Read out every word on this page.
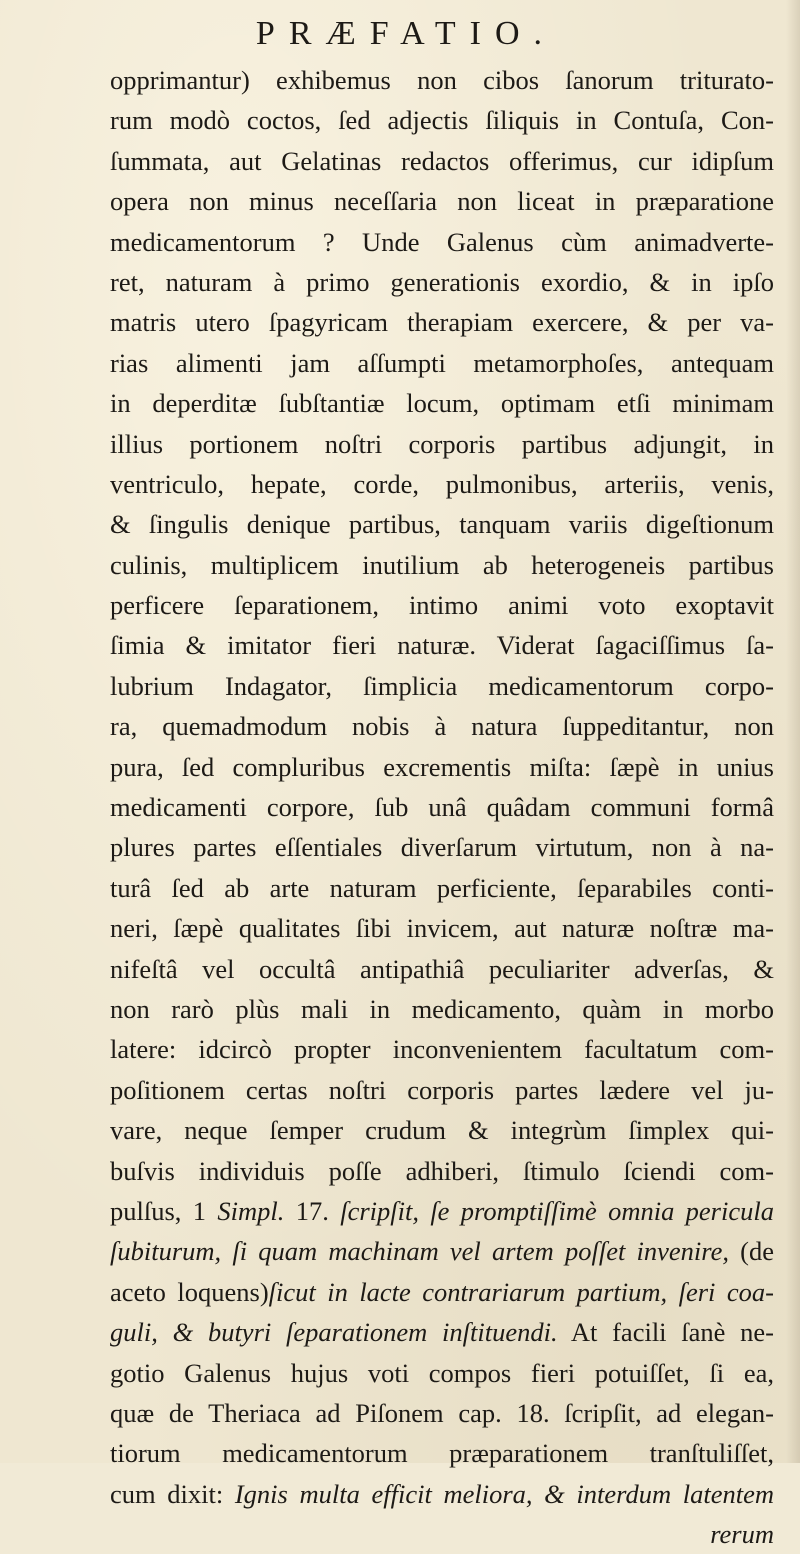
PRÆFATIO.
opprimantur) exhibemus non cibos ſanorum triturato-
rum modò coctos, ſed adjectis ſiliquis in Contuſa, Con-
ſummata, aut Gelatinas redactos offerimus, cur idipſum
opera non minus neceſſaria non liceat in præparatione
medicamentorum ? Unde Galenus cùm animadverte-
ret, naturam à primo generationis exordio, & in ipſo
matris utero ſpagyricam therapiam exercere, & per va-
rias alimenti jam aſſumpti metamorphoſes, antequam
in deperditæ ſubſtantiæ locum, optimam etſi minimam
illius portionem noſtri corporis partibus adjungit, in
ventriculo, hepate, corde, pulmonibus, arteriis, venis,
& ſingulis denique partibus, tanquam variis digeſtionum
culinis, multiplicem inutilium ab heterogeneis partibus
perficere ſeparationem, intimo animi voto exoptavit
ſimia & imitator fieri naturæ. Viderat ſagaciſſimus ſa-
lubrium Indagator, ſimplicia medicamentorum corpo-
ra, quemadmodum nobis à natura ſuppeditantur, non
pura, ſed compluribus excrementis miſta: ſæpè in unius
medicamenti corpore, ſub unâ quâdam communi formâ
plures partes eſſentiales diverſarum virtutum, non à na-
turâ ſed ab arte naturam perficiente, ſeparabiles conti-
neri, ſæpè qualitates ſibi invicem, aut naturæ noſtræ ma-
nifeſtâ vel occultâ antipathiâ peculiariter adverſas, &
non rarò plùs mali in medicamento, quàm in morbo
latere: idcircò propter inconvenientem facultatum com-
poſitionem certas noſtri corporis partes lædere vel ju-
vare, neque ſemper crudum & integrùm ſimplex qui-
buſvis individuis poſſe adhiberi, ſtimulo ſciendi com-
pulſus, 1 Simpl. 17. ſcripſit, ſe promptiſſimè omnia pericula
ſubiturum, ſi quam machinam vel artem poſſet invenire, (de
aceto loquens)ſicut in lacte contrariarum partium, ſeri coa-
guli, & butyri ſeparationem inſtituendi. At facili ſanè ne-
gotio Galenus hujus voti compos fieri potuiſſet, ſi ea,
quæ de Theriaca ad Piſonem cap. 18. ſcripſit, ad elegan-
tiorum medicamentorum præparationem tranſtuliſſet,
cum dixit: Ignis multa efficit meliora, & interdum latentem
rerum
